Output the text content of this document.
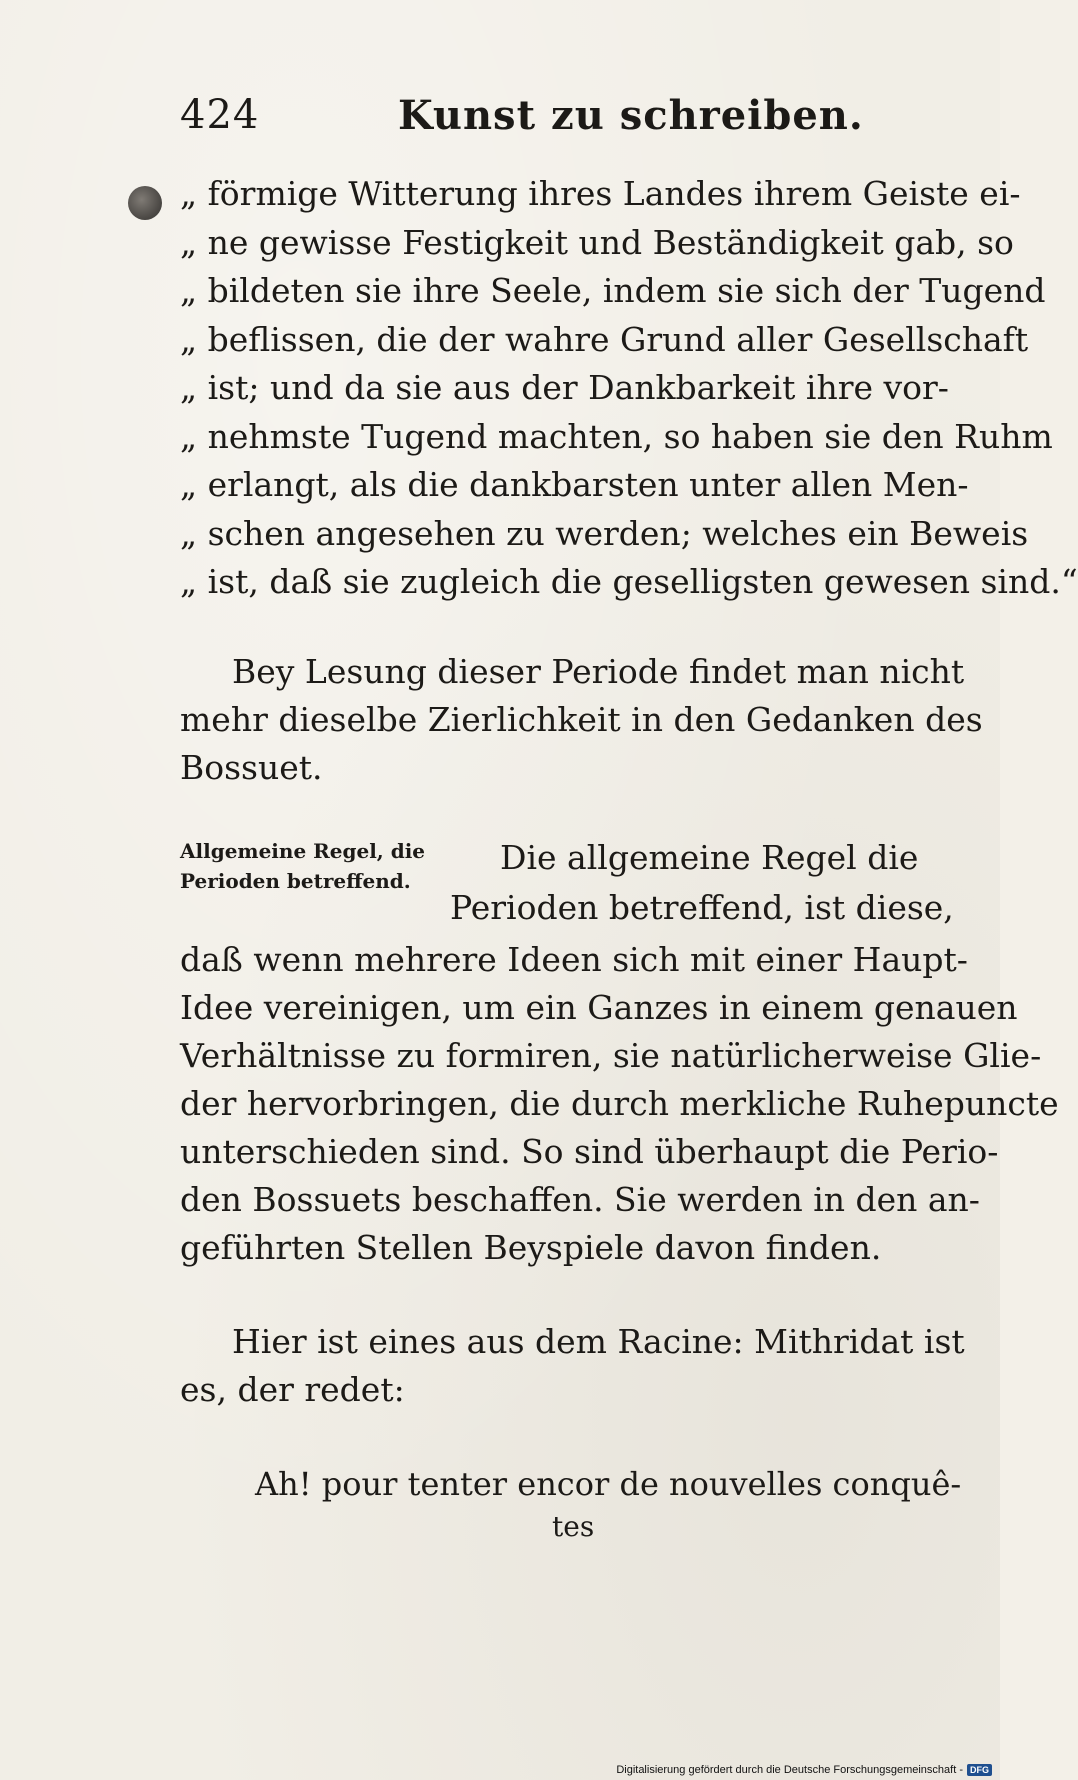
424	Kunst zu schreiben.
„ förmige Witterung ihres Landes ihrem Geiste ei-
„ ne gewisse Festigkeit und Beständigkeit gab, so
„ bildeten sie ihre Seele, indem sie sich der Tugend
„ beflissen, die der wahre Grund aller Gesellschaft
„ ist; und da sie aus der Dankbarkeit ihre vor-
„ nehmste Tugend machten, so haben sie den Ruhm
„ erlangt, als die dankbarsten unter allen Men-
„ schen angesehen zu werden; welches ein Beweis
„ ist, daß sie zugleich die geselligsten gewesen sind.“
Bey Lesung dieser Periode findet man nicht
mehr dieselbe Zierlichkeit in den Gedanken des
Bossuet.
Allgemeine Regel, die
Perioden betreffend.
Die allgemeine Regel die
Perioden betreffend, ist diese,
daß wenn mehrere Ideen sich mit einer Haupt-
Idee vereinigen, um ein Ganzes in einem genauen
Verhältnisse zu formiren, sie natürlicherweise Glie-
der hervorbringen, die durch merkliche Ruhepuncte
unterschieden sind. So sind überhaupt die Perio-
den Bossuets beschaffen. Sie werden in den an-
geführten Stellen Beyspiele davon finden.
Hier ist eines aus dem Racine: Mithridat ist
es, der redet:
Ah! pour tenter encor de nouvelles conquê-
tes
Digitalisierung gefördert durch die Deutsche Forschungsgemeinschaft - DFG
